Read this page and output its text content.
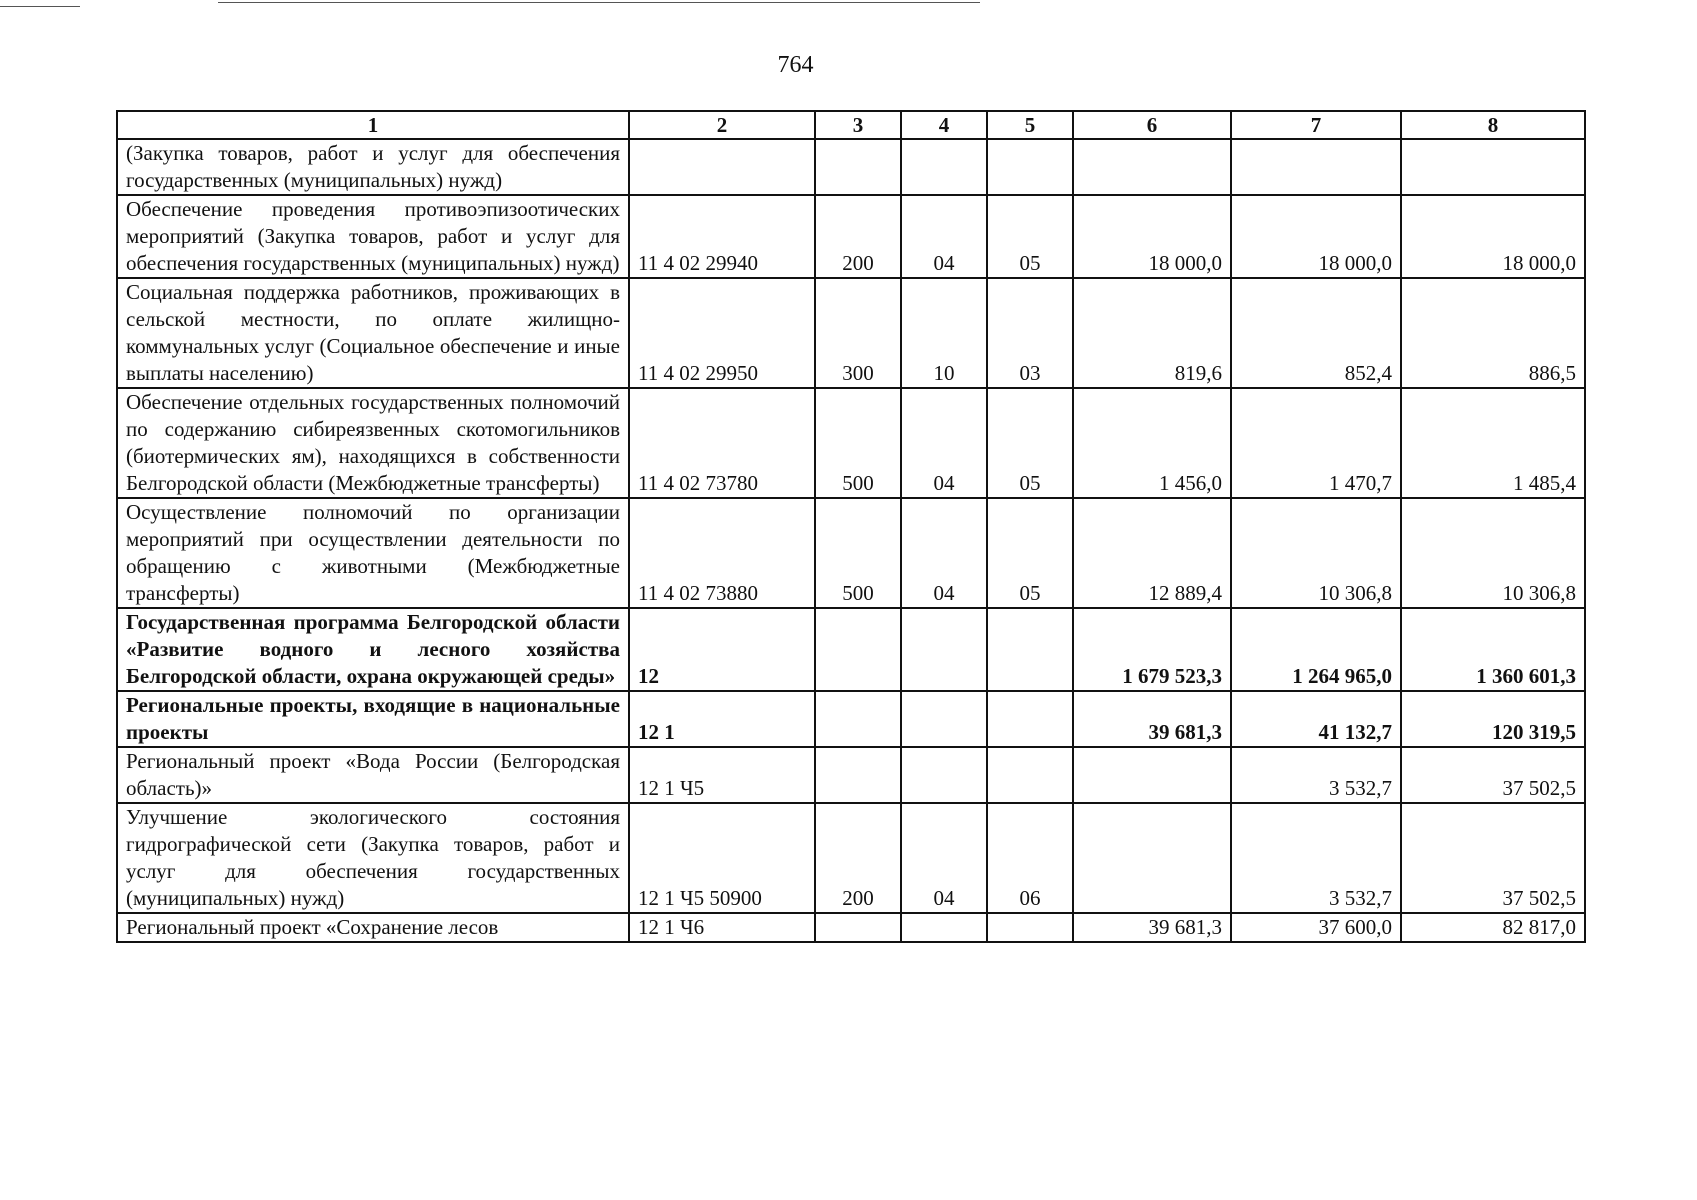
764
1	2	3	4	5	6	7	8
(Закупка товаров, работ и услуг для обеспечения государственных (муниципальных) нужд)							
Обеспечение проведения противоэпизоотических мероприятий (Закупка товаров, работ и услуг для обеспечения государственных (муниципальных) нужд)	11 4 02 29940	200	04	05	18 000,0	18 000,0	18 000,0
Социальная поддержка работников, проживающих в сельской местности, по оплате жилищно-коммунальных услуг (Социальное обеспечение и иные выплаты населению)	11 4 02 29950	300	10	03	819,6	852,4	886,5
Обеспечение отдельных государственных полномочий по содержанию сибиреязвенных скотомогильников (биотермических ям), находящихся в собственности Белгородской области (Межбюджетные трансферты)	11 4 02 73780	500	04	05	1 456,0	1 470,7	1 485,4
Осуществление полномочий по организации мероприятий при осуществлении деятельности по обращению с животными (Межбюджетные трансферты)	11 4 02 73880	500	04	05	12 889,4	10 306,8	10 306,8
Государственная программа Белгородской области «Развитие водного и лесного хозяйства Белгородской области, охрана окружающей среды»	12				1 679 523,3	1 264 965,0	1 360 601,3
Региональные проекты, входящие в национальные проекты	12 1				39 681,3	41 132,7	120 319,5
Региональный проект «Вода России (Белгородская область)»	12 1 Ч5					3 532,7	37 502,5
Улучшение экологического состояния гидрографической сети (Закупка товаров, работ и услуг для обеспечения государственных (муниципальных) нужд)	12 1 Ч5 50900	200	04	06		3 532,7	37 502,5
Региональный проект «Сохранение лесов	12 1 Ч6				39 681,3	37 600,0	82 817,0
